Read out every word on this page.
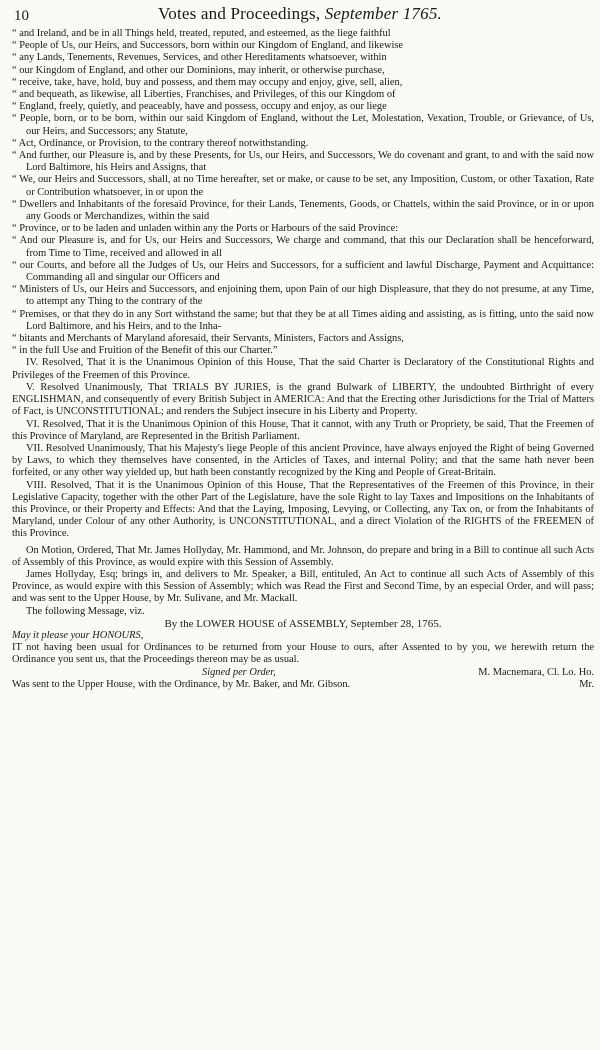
10	Votes and Proceedings, September 1765.

“ and Ireland, and be in all Things held, treated, reputed, and esteemed, as the liege faithful

“ People of Us, our Heirs, and Successors, born within our Kingdom of England, and likewise

“ any Lands, Tenements, Revenues, Services, and other Hereditaments whatsoever, within

“ our Kingdom of England, and other our Dominions, may inherit, or otherwise purchase,

“ receive, take, have, hold, buy and possess, and them may occupy and enjoy, give, sell, alien,

“ and bequeath, as likewise, all Liberties, Franchises, and Privileges, of this our Kingdom of

“ England, freely, quietly, and peaceably, have and possess, occupy and enjoy, as our liege

“ People, born, or to be born, within our said Kingdom of England, without the Let, Molestation, Vexation, Trouble, or Grievance, of Us, our Heirs, and Successors; any Statute,

“ Act, Ordinance, or Provision, to the contrary thereof notwithstanding.

“ And further, our Pleasure is, and by these Presents, for Us, our Heirs, and Successors, We do covenant and grant, to and with the said now Lord Baltimore, his Heirs and Assigns, that

“ We, our Heirs and Successors, shall, at no Time hereafter, set or make, or cause to be set, any Imposition, Custom, or other Taxation, Rate or Contribution whatsoever, in or upon the

“ Dwellers and Inhabitants of the foresaid Province, for their Lands, Tenements, Goods, or Chattels, within the said Province, or in or upon any Goods or Merchandizes, within the said

“ Province, or to be laden and unladen within any the Ports or Harbours of the said Province:

“ And our Pleasure is, and for Us, our Heirs and Successors, We charge and command, that this our Declaration shall be henceforward, from Time to Time, received and allowed in all

“ our Courts, and before all the Judges of Us, our Heirs and Successors, for a sufficient and lawful Discharge, Payment and Acquittance: Commanding all and singular our Officers and

“ Ministers of Us, our Heirs and Successors, and enjoining them, upon Pain of our high Displeasure, that they do not presume, at any Time, to attempt any Thing to the contrary of the

“ Premises, or that they do in any Sort withstand the same; but that they be at all Times aiding and assisting, as is fitting, unto the said now Lord Baltimore, and his Heirs, and to the Inha-

“ bitants and Merchants of Maryland aforesaid, their Servants, Ministers, Factors and Assigns,

“ in the full Use and Fruition of the Benefit of this our Charter.”

IV. Resolved, That it is the Unanimous Opinion of this House, That the said Charter is Declaratory of the Constitutional Rights and Privileges of the Freemen of this Province.

V. Resolved Unanimously, That TRIALS BY JURIES, is the grand Bulwark of LIBERTY, the undoubted Birthright of every ENGLISHMAN, and consequently of every British Subject in AMERICA: And that the Erecting other Jurisdictions for the Trial of Matters of Fact, is UNCONSTITUTIONAL; and renders the Subject insecure in his Liberty and Property.

VI. Resolved, That it is the Unanimous Opinion of this House, That it cannot, with any Truth or Propriety, be said, That the Freemen of this Province of Maryland, are Represented in the British Parliament.

VII. Resolved Unanimously, That his Majesty's liege People of this ancient Province, have always enjoyed the Right of being Governed by Laws, to which they themselves have consented, in the Articles of Taxes, and internal Polity; and that the same hath never been forfeited, or any other way yielded up, but hath been constantly recognized by the King and People of Great-Britain.

VIII. Resolved, That it is the Unanimous Opinion of this House, That the Representatives of the Freemen of this Province, in their Legislative Capacity, together with the other Part of the Legislature, have the sole Right to lay Taxes and Impositions on the Inhabitants of this Province, or their Property and Effects: And that the Laying, Imposing, Levying, or Collecting, any Tax on, or from the Inhabitants of Maryland, under Colour of any other Authority, is UNCONSTITUTIONAL, and a direct Violation of the RIGHTS of the FREEMEN of this Province.

On Motion, Ordered, That Mr. James Hollyday, Mr. Hammond, and Mr. Johnson, do prepare and bring in a Bill to continue all such Acts of Assembly of this Province, as would expire with this Session of Assembly.

James Hollyday, Esq; brings in, and delivers to Mr. Speaker, a Bill, entituled, An Act to continue all such Acts of Assembly of this Province, as would expire with this Session of Assembly; which was Read the First and Second Time, by an especial Order, and will pass; and was sent to the Upper House, by Mr. Sulivane, and Mr. Mackall.

The following Message, viz.

By the LOWER HOUSE of ASSEMBLY, September 28, 1765.

May it please your HONOURS,

IT not having been usual for Ordinances to be returned from your House to ours, after Assented to by you, we herewith return the Ordinance you sent us, that the Proceedings thereon may be as usual.

Signed per Order,	M. Macnemara, Cl. Lo. Ho.
Was sent to the Upper House, with the Ordinance, by Mr. Baker, and Mr. Gibson.	Mr.
